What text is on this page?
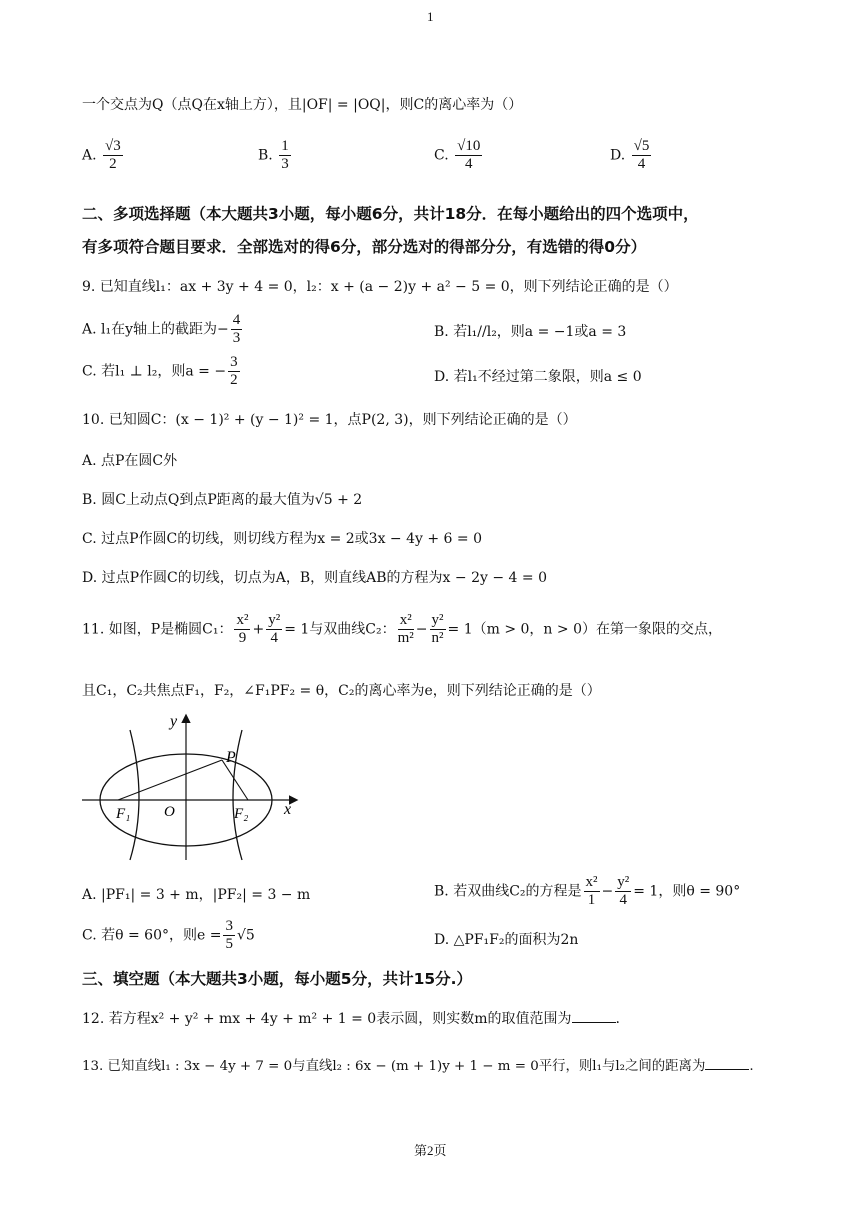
1
一个交点为Q（点Q在x轴上方），且|OF| = |OQ|，则C的离心率为（）
A. $\frac{√3}{2}$	B. $\frac{1}{3}$	C. $\frac{√10}{4}$	D. $\frac{√5}{4}$
二、多项选择题（本大题共3小题，每小题6分，共计18分．在每小题给出的四个选项中，
有多项符合题目要求．全部选对的得6分，部分选对的得部分分，有选错的得0分）
9. 已知直线l₁：ax + 3y + 4 = 0，l₂：x + (a − 2)y + a² − 5 = 0，则下列结论正确的是（）
A. l₁在y轴上的截距为− $\frac{4}{3}$	B. 若l₁//l₂，则a = −1或a = 3
C. 若l₁ ⊥ l₂，则a = − $\frac{3}{2}$	D. 若l₁不经过第二象限，则a ≤ 0
10. 已知圆C：(x − 1)² + (y − 1)² = 1，点P(2, 3)，则下列结论正确的是（）
A. 点P在圆C外
B. 圆C上动点Q到点P距离的最大值为√5 + 2
C. 过点P作圆C的切线，则切线方程为x = 2或3x − 4y + 6 = 0
D. 过点P作圆C的切线，切点为A，B，则直线AB的方程为x − 2y − 4 = 0
11. 如图，P是椭圆C₁： $\frac{\text{x²}}{9} + \frac{\text{y²}}{4} = 1$与双曲线C₂： $\frac{\text{x²}}{\text{m²}} - \frac{\text{y²}}{\text{n²}} = 1(m > 0$，n > 0）在第一象限的交点，
且C₁，C₂共焦点F₁，F₂，∠F₁PF₂ = θ，C₂的离心率为e，则下列结论正确的是（）
y
x
P
F₁ O	F₂
A. |PF₁| = 3 + m，|PF₂| = 3 − m	B. 若双曲线C₂的方程是 $\frac{\text{x²}}{1} - \frac{\text{y²}}{4} = 1$，则θ = 90°
C. 若θ = 60°，则$e = \frac{3}{5} √5$	D. △PF₁F₂的面积为2n
三、填空题（本大题共3小题，每小题5分，共计15分.）
12. 若方程x² + y² + mx + 4y + m² + 1 = 0表示圆，则实数m的取值范围为	.
13. 已知直线l₁ : 3x − 4y + 7 = 0与直线l₂ : 6x − (m + 1)y + 1 − m = 0平行，则l₁与l₂之间的距离为	.
第2页
